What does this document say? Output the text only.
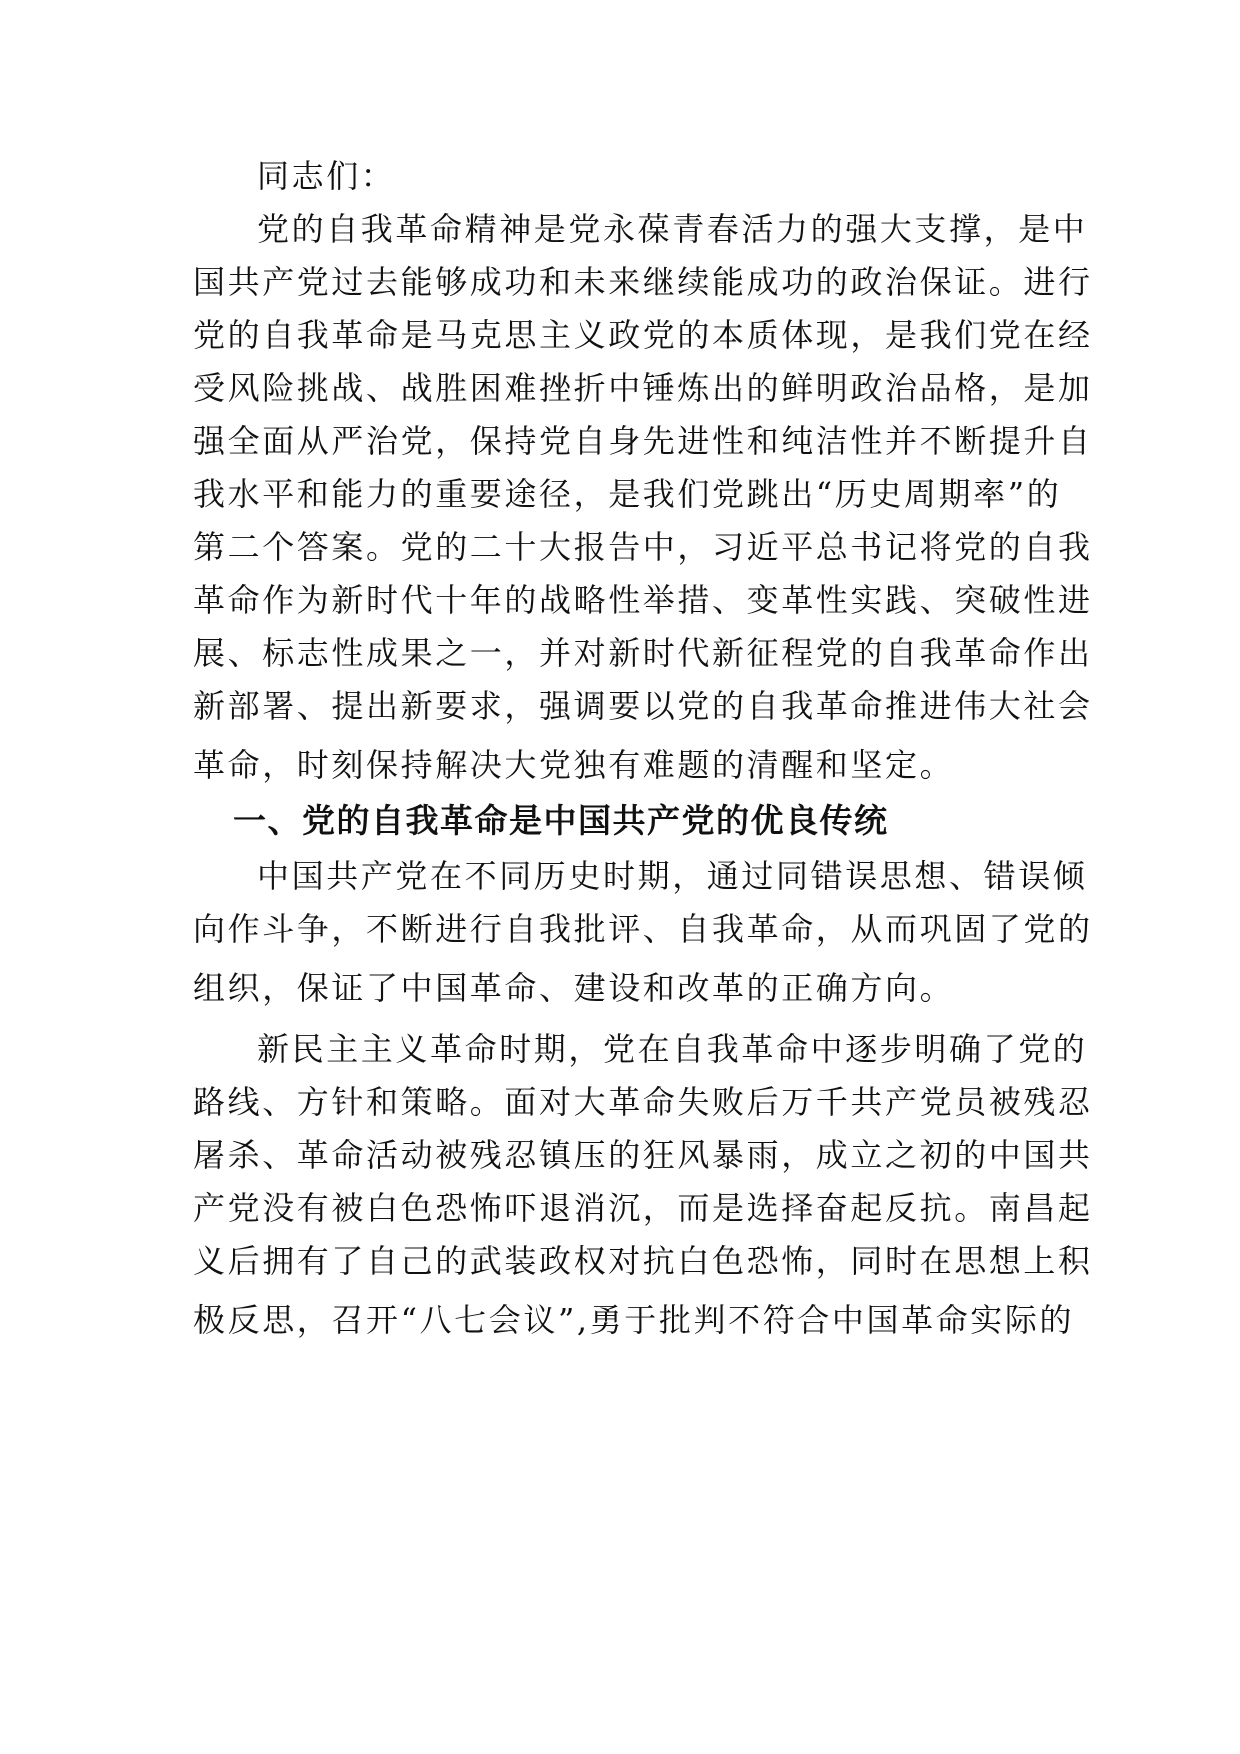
同志们：
党的自我革命精神是党永葆青春活力的强大支撑，是中
国共产党过去能够成功和未来继续能成功的政治保证。进行
党的自我革命是马克思主义政党的本质体现，是我们党在经
受风险挑战、战胜困难挫折中锤炼出的鲜明政治品格，是加
强全面从严治党，保持党自身先进性和纯洁性并不断提升自
我水平和能力的重要途径，是我们党跳出“历史周期率”的
第二个答案。党的二十大报告中，习近平总书记将党的自我
革命作为新时代十年的战略性举措、变革性实践、突破性进
展、标志性成果之一，并对新时代新征程党的自我革命作出
新部署、提出新要求，强调要以党的自我革命推进伟大社会
革命，时刻保持解决大党独有难题的清醒和坚定。
一、党的自我革命是中国共产党的优良传统
中国共产党在不同历史时期，通过同错误思想、错误倾
向作斗争，不断进行自我批评、自我革命，从而巩固了党的
组织，保证了中国革命、建设和改革的正确方向。
新民主主义革命时期，党在自我革命中逐步明确了党的
路线、方针和策略。面对大革命失败后万千共产党员被残忍
屠杀、革命活动被残忍镇压的狂风暴雨，成立之初的中国共
产党没有被白色恐怖吓退消沉，而是选择奋起反抗。南昌起
义后拥有了自己的武装政权对抗白色恐怖，同时在思想上积
极反思，召开“八七会议”,勇于批判不符合中国革命实际的
